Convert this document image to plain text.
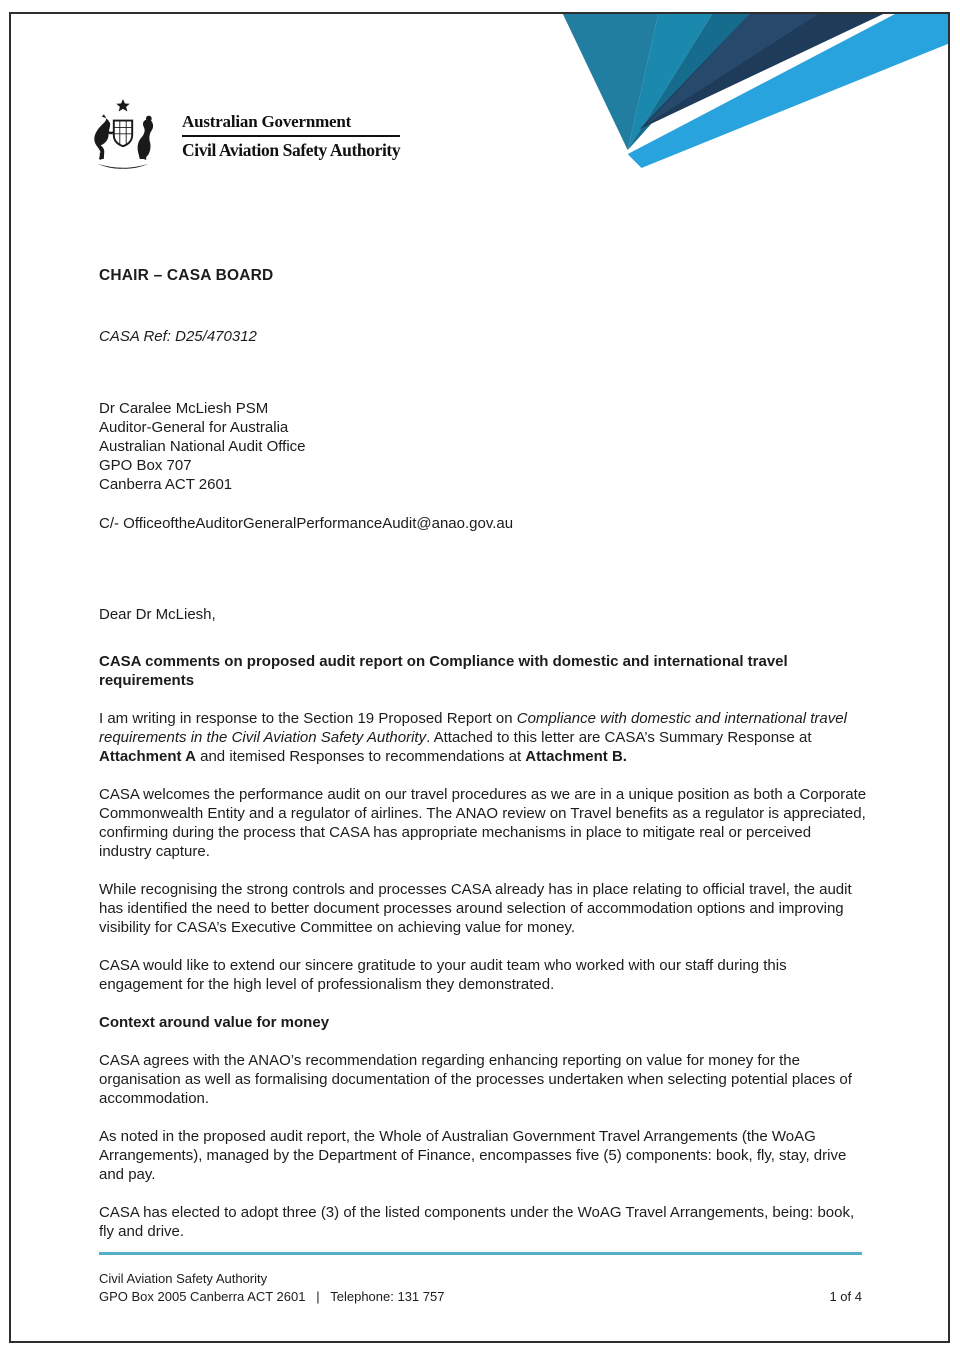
Australian Government
Civil Aviation Safety Authority
CHAIR – CASA BOARD
CASA Ref: D25/470312
Dr Caralee McLiesh PSM
Auditor-General for Australia
Australian National Audit Office
GPO Box 707
Canberra ACT 2601
C/- OfficeoftheAuditorGeneralPerformanceAudit@anao.gov.au
Dear Dr McLiesh,

CASA comments on proposed audit report on Compliance with domestic and international travel requirements

I am writing in response to the Section 19 Proposed Report on Compliance with domestic and international travel requirements in the Civil Aviation Safety Authority. Attached to this letter are CASA’s Summary Response at Attachment A and itemised Responses to recommendations at Attachment B.

CASA welcomes the performance audit on our travel procedures as we are in a unique position as both a Corporate Commonwealth Entity and a regulator of airlines. The ANAO review on Travel benefits as a regulator is appreciated, confirming during the process that CASA has appropriate mechanisms in place to mitigate real or perceived industry capture.

While recognising the strong controls and processes CASA already has in place relating to official travel, the audit has identified the need to better document processes around selection of accommodation options and improving visibility for CASA’s Executive Committee on achieving value for money.

CASA would like to extend our sincere gratitude to your audit team who worked with our staff during this engagement for the high level of professionalism they demonstrated.

Context around value for money

CASA agrees with the ANAO’s recommendation regarding enhancing reporting on value for money for the organisation as well as formalising documentation of the processes undertaken when selecting potential places of accommodation.

As noted in the proposed audit report, the Whole of Australian Government Travel Arrangements (the WoAG Arrangements), managed by the Department of Finance, encompasses five (5) components: book, fly, stay, drive and pay.

CASA has elected to adopt three (3) of the listed components under the WoAG Travel Arrangements, being: book, fly and drive.

Civil Aviation Safety Authority
GPO Box 2005 Canberra ACT 2601   |   Telephone: 131 757	1 of 4
